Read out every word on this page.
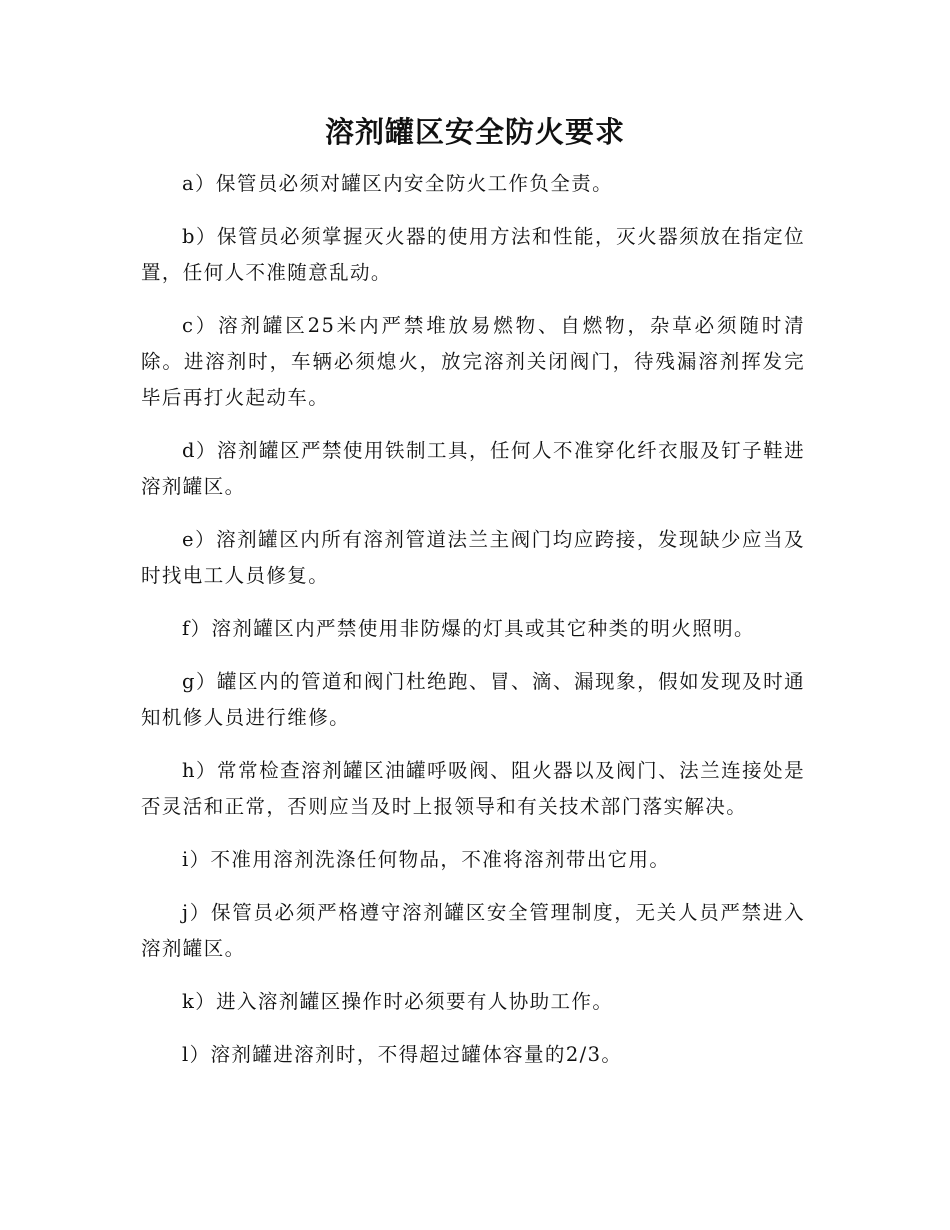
溶剂罐区安全防火要求

a）保管员必须对罐区内安全防火工作负全责。

b）保管员必须掌握灭火器的使用方法和性能，灭火器须放在指定位置，任何人不准随意乱动。

c）溶剂罐区25米内严禁堆放易燃物、自燃物，杂草必须随时清除。进溶剂时，车辆必须熄火，放完溶剂关闭阀门，待残漏溶剂挥发完毕后再打火起动车。

d）溶剂罐区严禁使用铁制工具，任何人不准穿化纤衣服及钉子鞋进溶剂罐区。

e）溶剂罐区内所有溶剂管道法兰主阀门均应跨接，发现缺少应当及时找电工人员修复。

f）溶剂罐区内严禁使用非防爆的灯具或其它种类的明火照明。

g）罐区内的管道和阀门杜绝跑、冒、滴、漏现象，假如发现及时通知机修人员进行维修。

h）常常检查溶剂罐区油罐呼吸阀、阻火器以及阀门、法兰连接处是否灵活和正常，否则应当及时上报领导和有关技术部门落实解决。

i）不准用溶剂洗涤任何物品，不准将溶剂带出它用。

j）保管员必须严格遵守溶剂罐区安全管理制度，无关人员严禁进入溶剂罐区。

k）进入溶剂罐区操作时必须要有人协助工作。

l）溶剂罐进溶剂时，不得超过罐体容量的2/3。
